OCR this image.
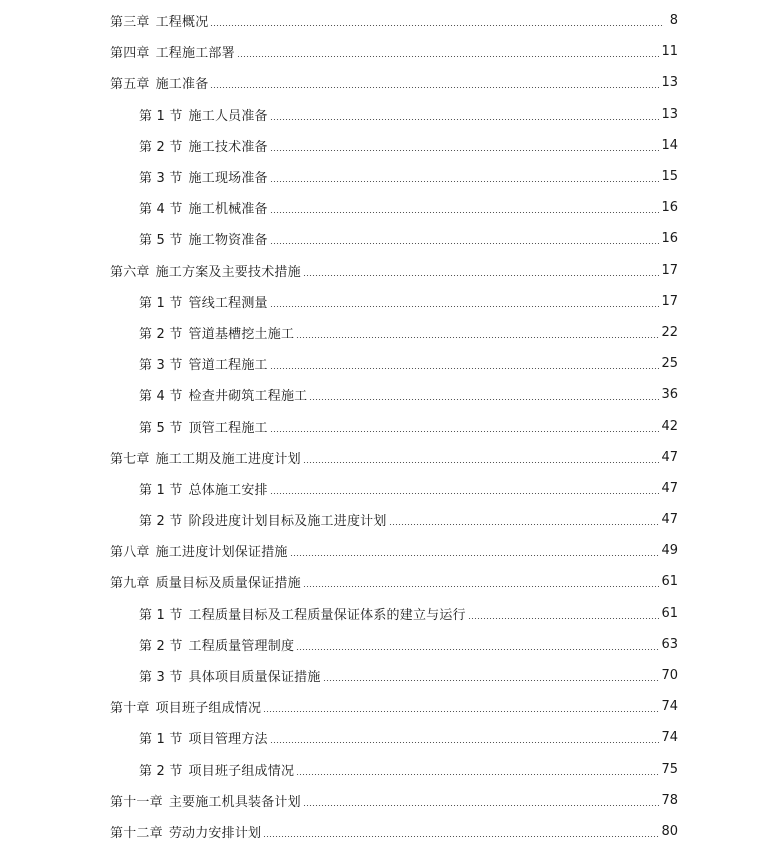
第三章 工程概况	8
第四章 工程施工部署	11
第五章 施工准备	13
第 1 节 施工人员准备	13
第 2 节 施工技术准备	14
第 3 节 施工现场准备	15
第 4 节 施工机械准备	16
第 5 节 施工物资准备	16
第六章 施工方案及主要技术措施	17
第 1 节 管线工程测量	17
第 2 节 管道基槽挖土施工	22
第 3 节 管道工程施工	25
第 4 节 检查井砌筑工程施工	36
第 5 节 顶管工程施工	42
第七章 施工工期及施工进度计划	47
第 1 节 总体施工安排	47
第 2 节 阶段进度计划目标及施工进度计划	47
第八章 施工进度计划保证措施	49
第九章 质量目标及质量保证措施	61
第 1 节 工程质量目标及工程质量保证体系的建立与运行	61
第 2 节 工程质量管理制度	63
第 3 节 具体项目质量保证措施	70
第十章 项目班子组成情况	74
第 1 节 项目管理方法	74
第 2 节 项目班子组成情况	75
第十一章 主要施工机具装备计划	78
第十二章 劳动力安排计划	80
